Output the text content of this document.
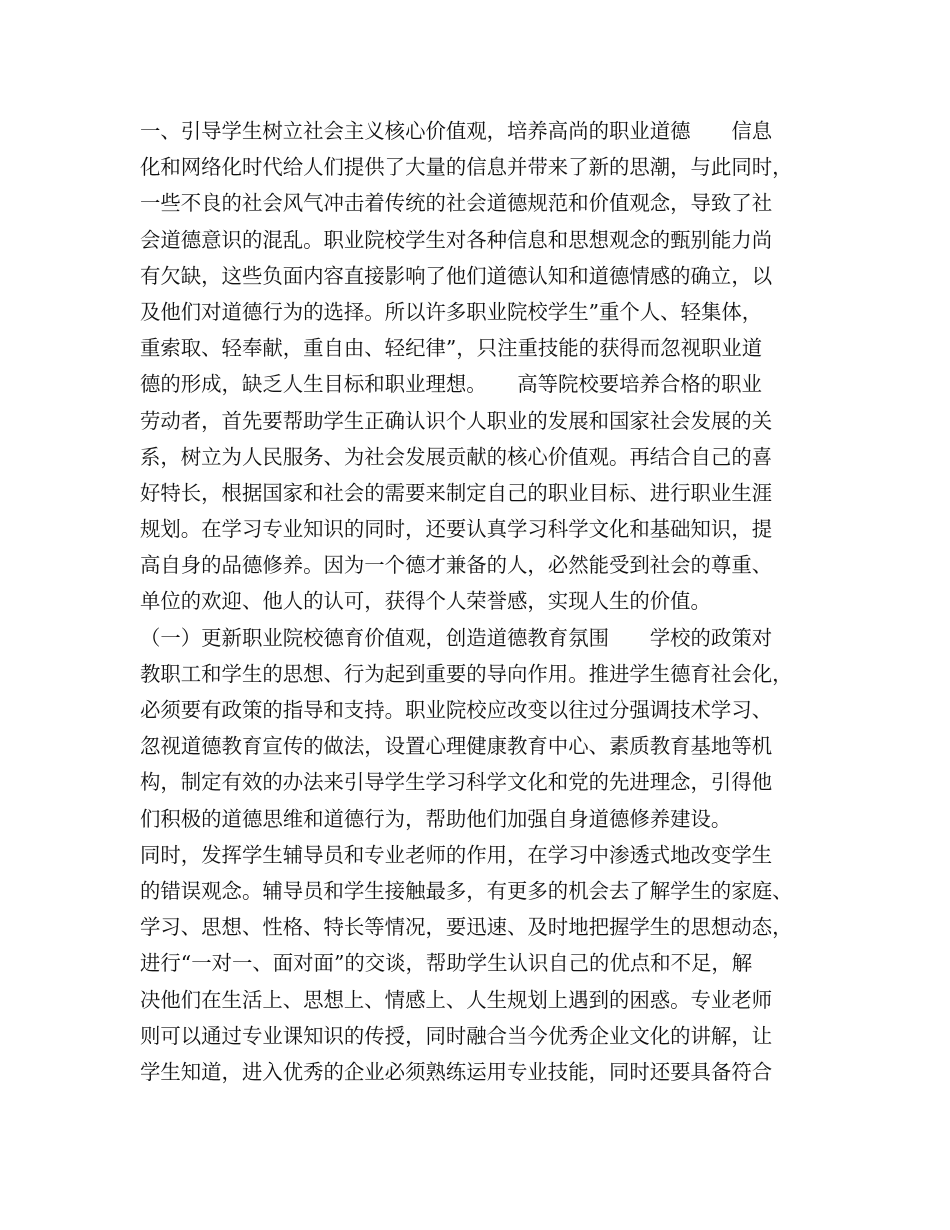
一、引导学生树立社会主义核心价值观，培养高尚的职业道德　　信息
化和网络化时代给人们提供了大量的信息并带来了新的思潮，与此同时，
一些不良的社会风气冲击着传统的社会道德规范和价值观念，导致了社
会道德意识的混乱。职业院校学生对各种信息和思想观念的甄别能力尚
有欠缺，这些负面内容直接影响了他们道德认知和道德情感的确立，以
及他们对道德行为的选择。所以许多职业院校学生”重个人、轻集体，
重索取、轻奉献，重自由、轻纪律”，只注重技能的获得而忽视职业道
德的形成，缺乏人生目标和职业理想。　　高等院校要培养合格的职业
劳动者，首先要帮助学生正确认识个人职业的发展和国家社会发展的关
系，树立为人民服务、为社会发展贡献的核心价值观。再结合自己的喜
好特长，根据国家和社会的需要来制定自己的职业目标、进行职业生涯
规划。在学习专业知识的同时，还要认真学习科学文化和基础知识，提
高自身的品德修养。因为一个德才兼备的人，必然能受到社会的尊重、
单位的欢迎、他人的认可，获得个人荣誉感，实现人生的价值。
（一）更新职业院校德育价值观，创造道德教育氛围　　学校的政策对
教职工和学生的思想、行为起到重要的导向作用。推进学生德育社会化，
必须要有政策的指导和支持。职业院校应改变以往过分强调技术学习、
忽视道德教育宣传的做法，设置心理健康教育中心、素质教育基地等机
构，制定有效的办法来引导学生学习科学文化和党的先进理念，引得他
们积极的道德思维和道德行为，帮助他们加强自身道德修养建设。
同时，发挥学生辅导员和专业老师的作用，在学习中渗透式地改变学生
的错误观念。辅导员和学生接触最多，有更多的机会去了解学生的家庭、
学习、思想、性格、特长等情况，要迅速、及时地把握学生的思想动态，
进行“一对一、面对面”的交谈，帮助学生认识自己的优点和不足，解
决他们在生活上、思想上、情感上、人生规划上遇到的困惑。专业老师
则可以通过专业课知识的传授，同时融合当今优秀企业文化的讲解，让
学生知道，进入优秀的企业必须熟练运用专业技能，同时还要具备符合
